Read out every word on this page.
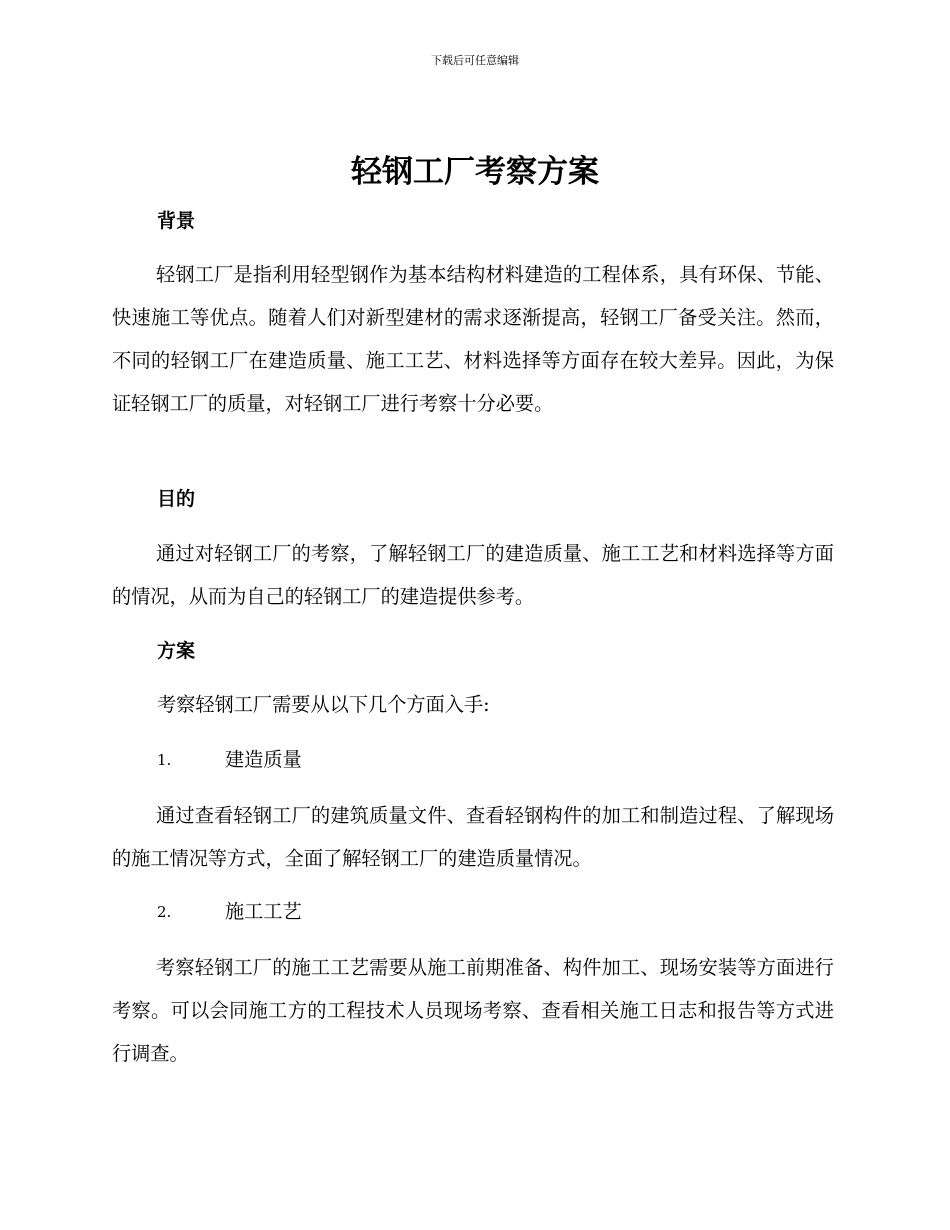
下载后可任意编辑
轻钢工厂考察方案
背景

轻钢工厂是指利用轻型钢作为基本结构材料建造的工程体系，具有环保、节能、快速施工等优点。随着人们对新型建材的需求逐渐提高，轻钢工厂备受关注。然而，不同的轻钢工厂在建造质量、施工工艺、材料选择等方面存在较大差异。因此，为保证轻钢工厂的质量，对轻钢工厂进行考察十分必要。

目的

通过对轻钢工厂的考察，了解轻钢工厂的建造质量、施工工艺和材料选择等方面的情况，从而为自己的轻钢工厂的建造提供参考。

方案
考察轻钢工厂需要从以下几个方面入手:
1.	建造质量

通过查看轻钢工厂的建筑质量文件、查看轻钢构件的加工和制造过程、了解现场的施工情况等方式，全面了解轻钢工厂的建造质量情况。

2.	施工工艺

考察轻钢工厂的施工工艺需要从施工前期准备、构件加工、现场安装等方面进行考察。可以会同施工方的工程技术人员现场考察、查看相关施工日志和报告等方式进行调查。
